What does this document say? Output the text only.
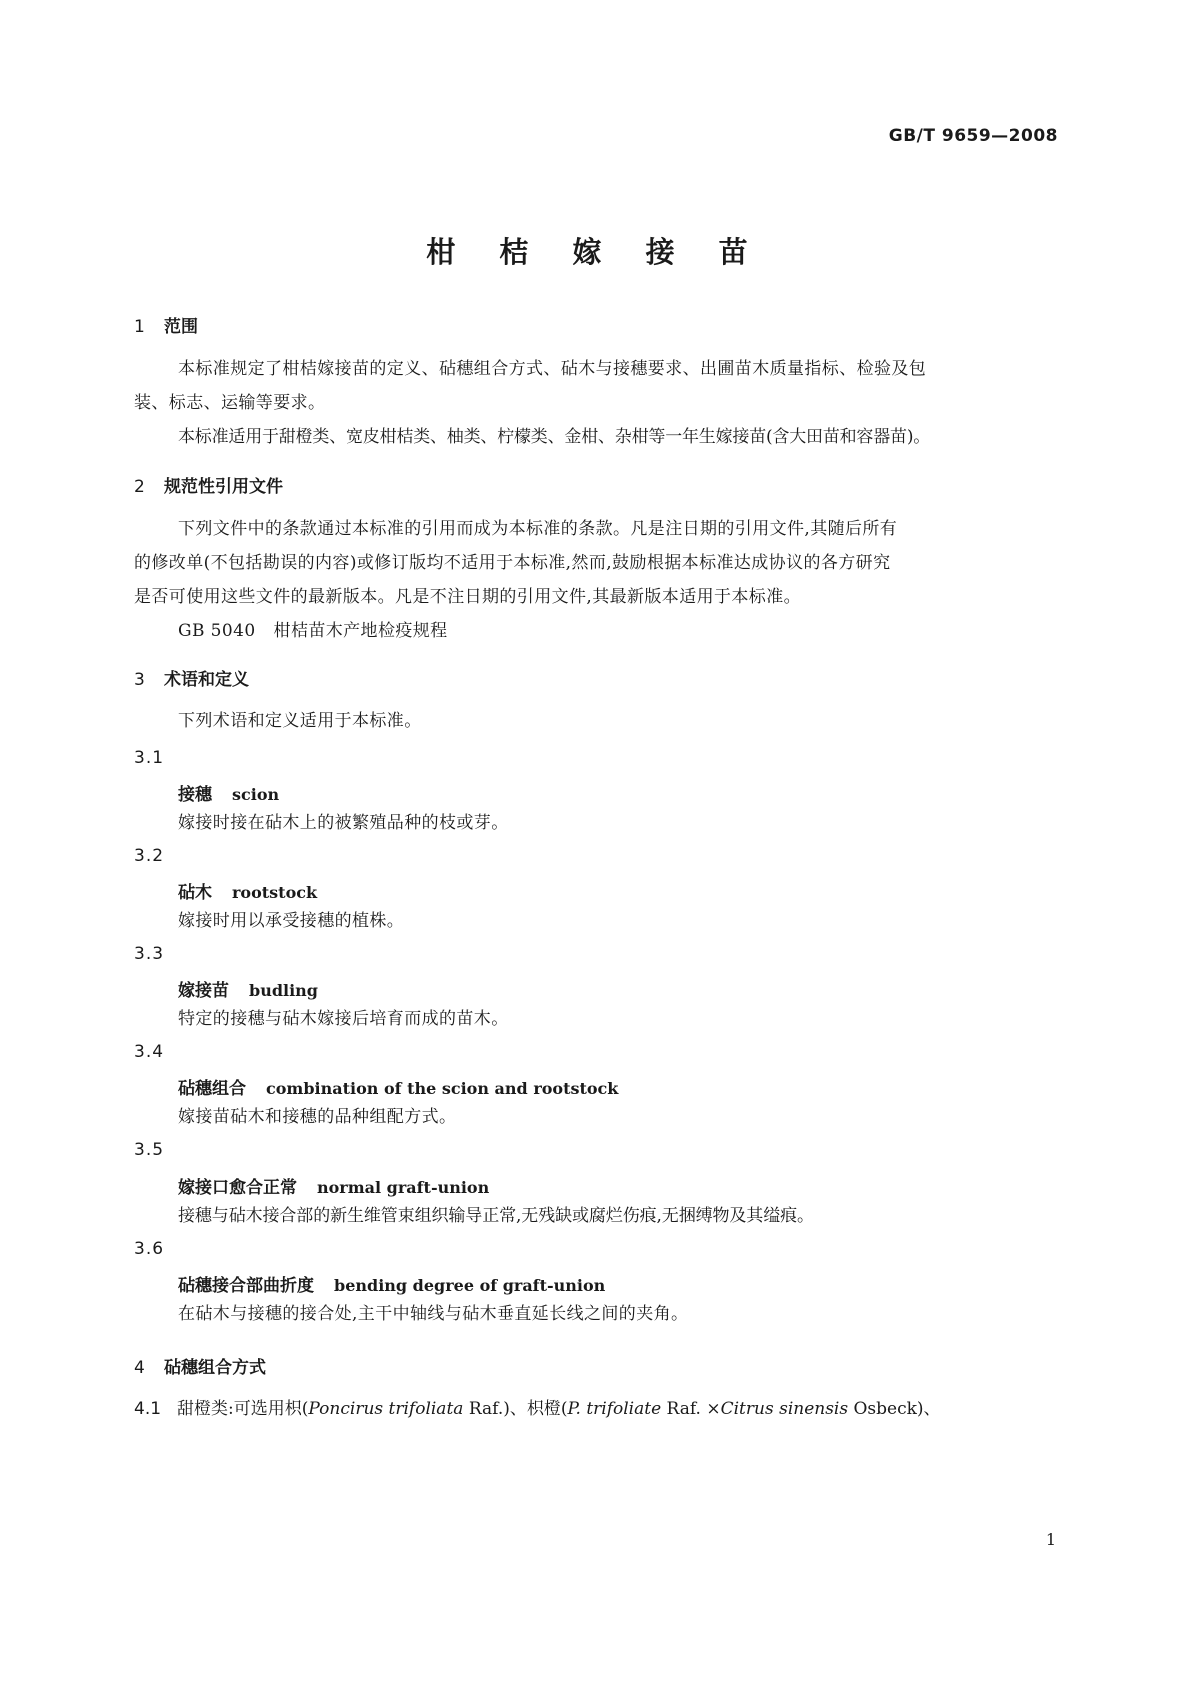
GB/T 9659—2008
柑 桔 嫁 接 苗
1 范围
本标准规定了柑桔嫁接苗的定义、砧穗组合方式、砧木与接穗要求、出圃苗木质量指标、检验及包
装、标志、运输等要求。
本标准适用于甜橙类、宽皮柑桔类、柚类、柠檬类、金柑、杂柑等一年生嫁接苗(含大田苗和容器苗)。
2 规范性引用文件
下列文件中的条款通过本标准的引用而成为本标准的条款。凡是注日期的引用文件,其随后所有
的修改单(不包括勘误的内容)或修订版均不适用于本标准,然而,鼓励根据本标准达成协议的各方研究
是否可使用这些文件的最新版本。凡是不注日期的引用文件,其最新版本适用于本标准。
GB 5040 柑桔苗木产地检疫规程
3 术语和定义
下列术语和定义适用于本标准。
3.1
接穗 scion
嫁接时接在砧木上的被繁殖品种的枝或芽。
3.2
砧木 rootstock
嫁接时用以承受接穗的植株。
3.3
嫁接苗 budling
特定的接穗与砧木嫁接后培育而成的苗木。
3.4
砧穗组合 combination of the scion and rootstock
嫁接苗砧木和接穗的品种组配方式。
3.5
嫁接口愈合正常 normal graft-union
接穗与砧木接合部的新生维管束组织输导正常,无残缺或腐烂伤痕,无捆缚物及其缢痕。
3.6
砧穗接合部曲折度 bending degree of graft-union
在砧木与接穗的接合处,主干中轴线与砧木垂直延长线之间的夹角。
4 砧穗组合方式
4.1 甜橙类:可选用枳(Poncirus trifoliata Raf.)、枳橙(P. trifoliate Raf. ×Citrus sinensis Osbeck)、
1
